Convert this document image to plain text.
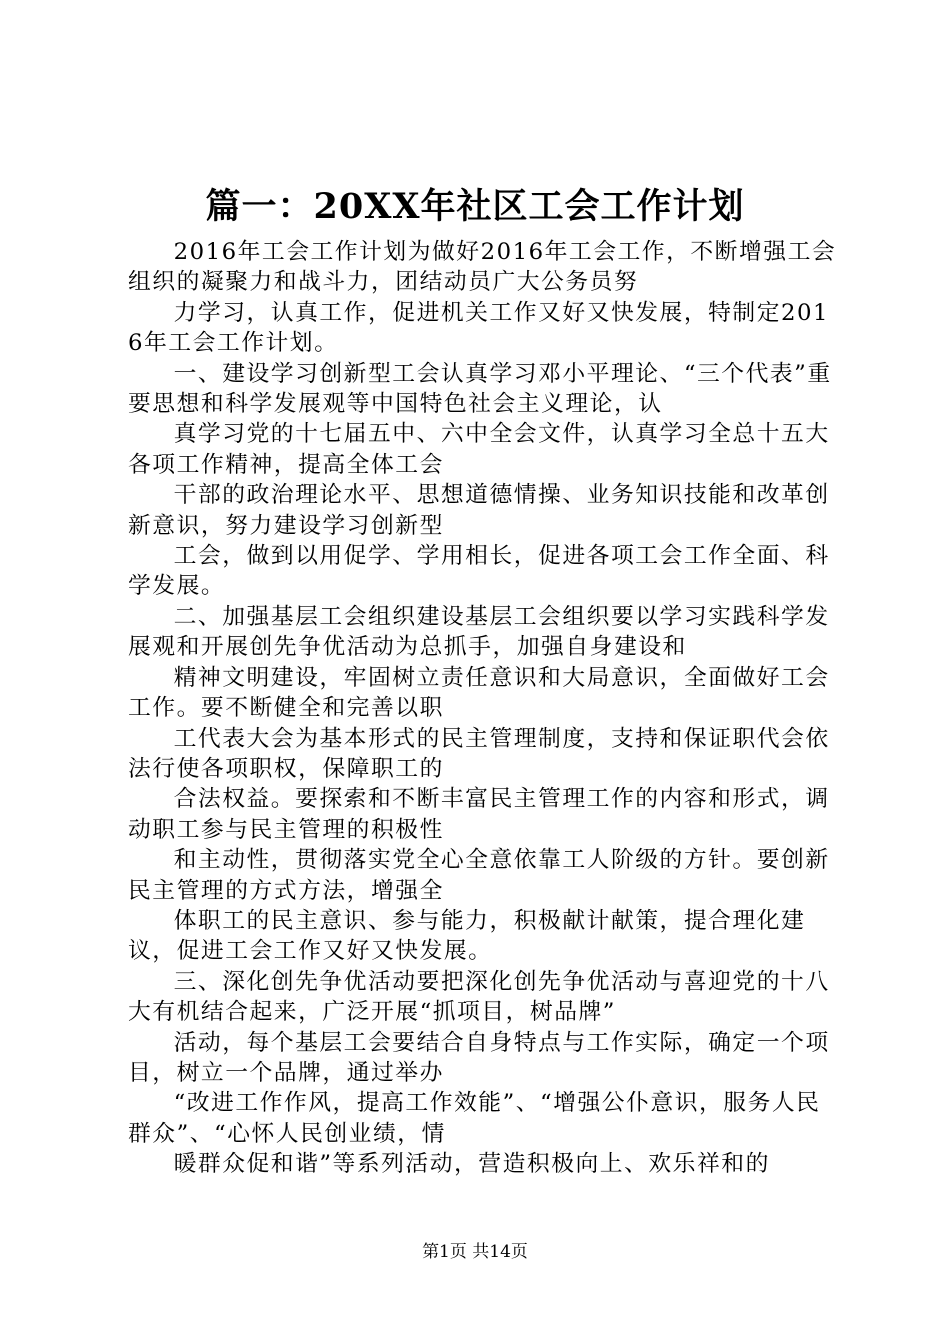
篇一：20XX年社区工会工作计划

2016年工会工作计划为做好2016年工会工作，不断增强工会组织的凝聚力和战斗力，团结动员广大公务员努

力学习，认真工作，促进机关工作又好又快发展，特制定2016年工会工作计划。

一、建设学习创新型工会认真学习邓小平理论、“三个代表”重要思想和科学发展观等中国特色社会主义理论，认

真学习党的十七届五中、六中全会文件，认真学习全总十五大各项工作精神，提高全体工会

干部的政治理论水平、思想道德情操、业务知识技能和改革创新意识，努力建设学习创新型

工会，做到以用促学、学用相长，促进各项工会工作全面、科学发展。

二、加强基层工会组织建设基层工会组织要以学习实践科学发展观和开展创先争优活动为总抓手，加强自身建设和

精神文明建设，牢固树立责任意识和大局意识，全面做好工会工作。要不断健全和完善以职

工代表大会为基本形式的民主管理制度，支持和保证职代会依法行使各项职权，保障职工的

合法权益。要探索和不断丰富民主管理工作的内容和形式，调动职工参与民主管理的积极性

和主动性，贯彻落实党全心全意依靠工人阶级的方针。要创新民主管理的方式方法，增强全

体职工的民主意识、参与能力，积极献计献策，提合理化建议，促进工会工作又好又快发展。

三、深化创先争优活动要把深化创先争优活动与喜迎党的十八大有机结合起来，广泛开展“抓项目，树品牌”

活动，每个基层工会要结合自身特点与工作实际，确定一个项目，树立一个品牌，通过举办

“改进工作作风，提高工作效能”、“增强公仆意识，服务人民群众”、“心怀人民创业绩，情

暖群众促和谐”等系列活动，营造积极向上、欢乐祥和的

第1页 共14页
